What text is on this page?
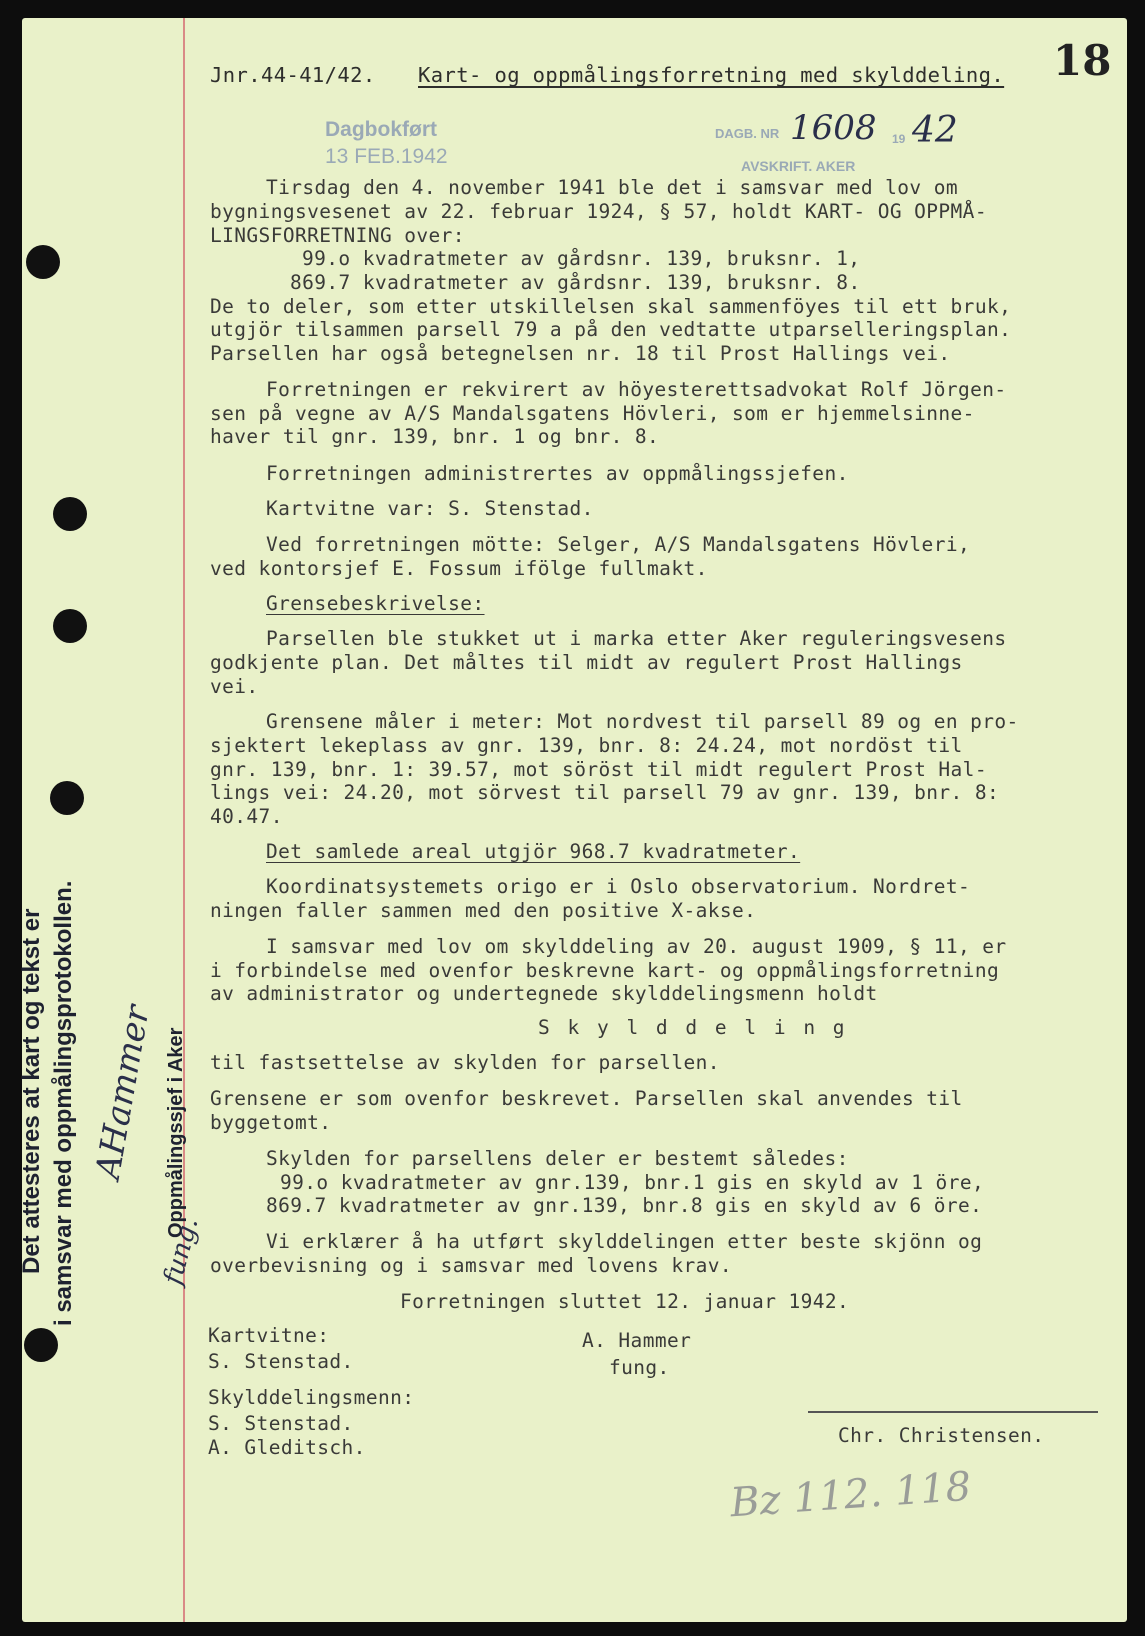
Jnr.44-41/42. Kart- og oppmålingsforretning med skylddeling. 18
Dagbokført
13 FEB.1942
DAGB. NR 1608 19 42
AVSKRIFT. AKER
Tirsdag den 4. november 1941 ble det i samsvar med lov om
bygningsvesenet av 22. februar 1924, § 57, holdt KART- OG OPPMÅ-
LINGSFORRETNING over:
99.o kvadratmeter av gårdsnr. 139, bruksnr. 1,
869.7 kvadratmeter av gårdsnr. 139, bruksnr. 8.
De to deler, som etter utskillelsen skal sammenföyes til ett bruk,
utgjör tilsammen parsell 79 a på den vedtatte utparselleringsplan.
Parsellen har også betegnelsen nr. 18 til Prost Hallings vei.
Forretningen er rekvirert av höyesterettsadvokat Rolf Jörgen-
sen på vegne av A/S Mandalsgatens Hövleri, som er hjemmelsinne-
haver til gnr. 139, bnr. 1 og bnr. 8.
Forretningen administrertes av oppmålingssjefen.
Kartvitne var: S. Stenstad.
Ved forretningen mötte: Selger, A/S Mandalsgatens Hövleri,
ved kontorsjef E. Fossum ifölge fullmakt.
Grensebeskrivelse:
Parsellen ble stukket ut i marka etter Aker reguleringsvesens
godkjente plan. Det måltes til midt av regulert Prost Hallings
vei.
Grensene måler i meter: Mot nordvest til parsell 89 og en pro-
sjektert lekeplass av gnr. 139, bnr. 8: 24.24, mot nordöst til
gnr. 139, bnr. 1: 39.57, mot söröst til midt regulert Prost Hal-
lings vei: 24.20, mot sörvest til parsell 79 av gnr. 139, bnr. 8:
40.47.
Det samlede areal utgjör 968.7 kvadratmeter.
Koordinatsystemets origo er i Oslo observatorium. Nordret-
ningen faller sammen med den positive X-akse.
I samsvar med lov om skylddeling av 20. august 1909, § 11, er
i forbindelse med ovenfor beskrevne kart- og oppmålingsforretning
av administrator og undertegnede skylddelingsmenn holdt
S k y l d d e l i n g
til fastsettelse av skylden for parsellen.
Grensene er som ovenfor beskrevet. Parsellen skal anvendes til
byggetomt.
Skylden for parsellens deler er bestemt således:
99.o kvadratmeter av gnr.139, bnr.1 gis en skyld av 1 öre,
869.7 kvadratmeter av gnr.139, bnr.8 gis en skyld av 6 öre.
Vi erklærer å ha utført skylddelingen etter beste skjönn og
overbevisning og i samsvar med lovens krav.
Forretningen sluttet 12. januar 1942.
Kartvitne:
S. Stenstad.
Skylddelingsmenn:
S. Stenstad.
A. Gleditsch.
A. Hammer
fung.
Chr. Christensen.
Bz 112. 118
Det attesteres at kart og tekst er i samsvar med oppmålingsprotokollen.	Oppmålingssjef i Aker
AHammer
fung.
